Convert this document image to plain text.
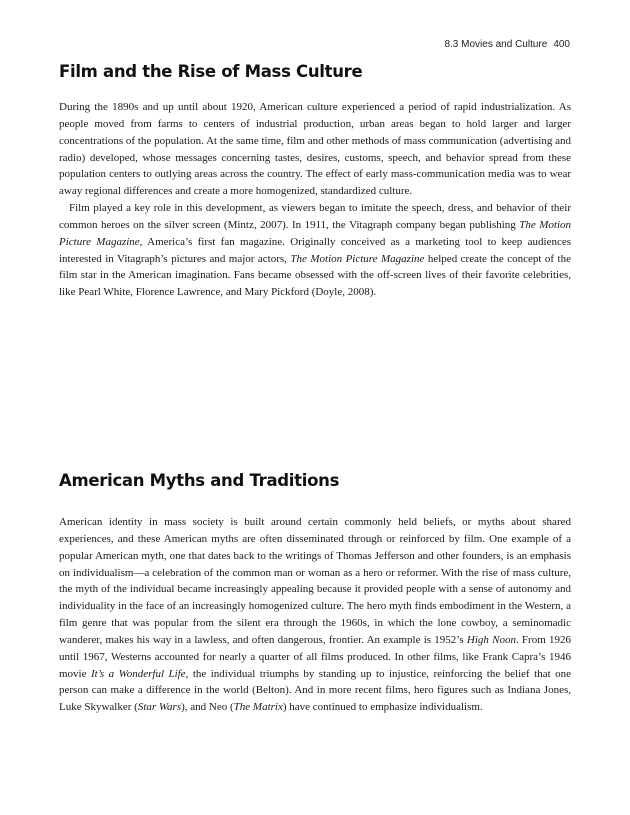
8.3 Movies and Culture 400
Film and the Rise of Mass Culture

During the 1890s and up until about 1920, American culture experienced a period of rapid industrialization. As people moved from farms to centers of industrial production, urban areas began to hold larger and larger concentrations of the population. At the same time, film and other methods of mass communication (advertising and radio) developed, whose messages concerning tastes, desires, customs, speech, and behavior spread from these population centers to outlying areas across the country. The effect of early mass-communication media was to wear away regional differences and create a more homogenized, standardized culture.

Film played a key role in this development, as viewers began to imitate the speech, dress, and behavior of their common heroes on the silver screen (Mintz, 2007). In 1911, the Vitagraph company began publishing The Motion Picture Magazine, America’s first fan magazine. Originally conceived as a marketing tool to keep audiences interested in Vitagraph’s pictures and major actors, The Motion Picture Magazine helped create the concept of the film star in the American imagination. Fans became obsessed with the off-screen lives of their favorite celebrities, like Pearl White, Florence Lawrence, and Mary Pickford (Doyle, 2008).

American Myths and Traditions

American identity in mass society is built around certain commonly held beliefs, or myths about shared experiences, and these American myths are often disseminated through or reinforced by film. One example of a popular American myth, one that dates back to the writings of Thomas Jefferson and other founders, is an emphasis on individualism—a celebration of the common man or woman as a hero or reformer. With the rise of mass culture, the myth of the individual became increasingly appealing because it provided people with a sense of autonomy and individuality in the face of an increasingly homogenized culture. The hero myth finds embodiment in the Western, a film genre that was popular from the silent era through the 1960s, in which the lone cowboy, a seminomadic wanderer, makes his way in a lawless, and often dangerous, frontier. An example is 1952’s High Noon. From 1926 until 1967, Westerns accounted for nearly a quarter of all films produced. In other films, like Frank Capra’s 1946 movie It’s a Wonderful Life, the individual triumphs by standing up to injustice, reinforcing the belief that one person can make a difference in the world (Belton). And in more recent films, hero figures such as Indiana Jones, Luke Skywalker (Star Wars), and Neo (The Matrix) have continued to emphasize individualism.
